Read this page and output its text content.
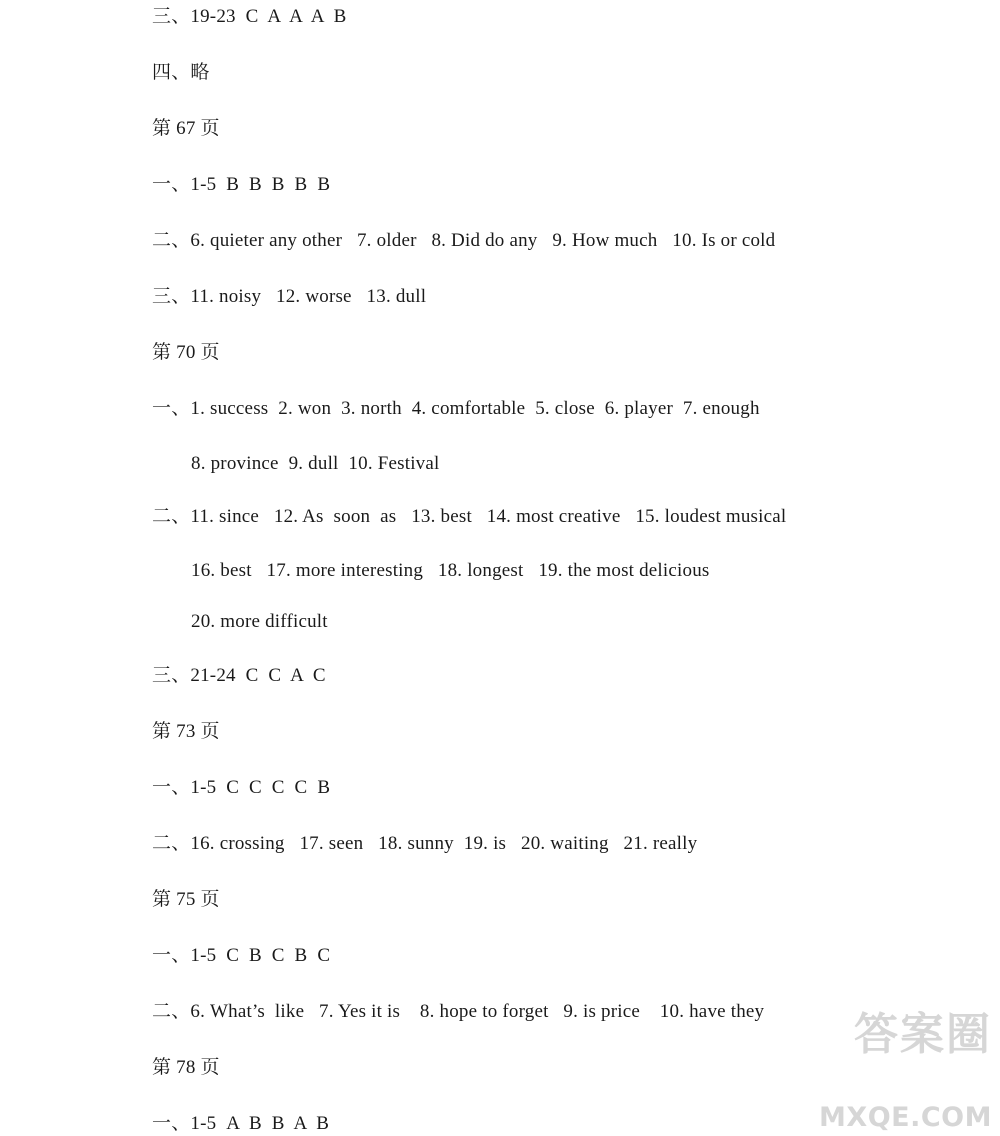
三、19-23  C  A  A  A  B
四、略
第 67 页
一、1-5  B  B  B  B  B
二、6. quieter any other   7. older   8. Did do any   9. How much   10. Is or cold
三、11. noisy   12. worse   13. dull
第 70 页
一、1. success  2. won  3. north  4. comfortable  5. close  6. player  7. enough
8. province  9. dull  10. Festival
二、11. since   12. As  soon  as   13. best   14. most creative   15. loudest musical
16. best   17. more interesting   18. longest   19. the most delicious
20. more difficult
三、21-24  C  C  A  C
第 73 页
一、1-5  C  C  C  C  B
二、16. crossing   17. seen   18. sunny  19. is   20. waiting   21. really
第 75 页
一、1-5  C  B  C  B  C
二、6. What’s  like   7. Yes it is    8. hope to forget   9. is price    10. have they
第 78 页
一、1-5  A  B  B  A  B
答案圈
MXQE.COM
